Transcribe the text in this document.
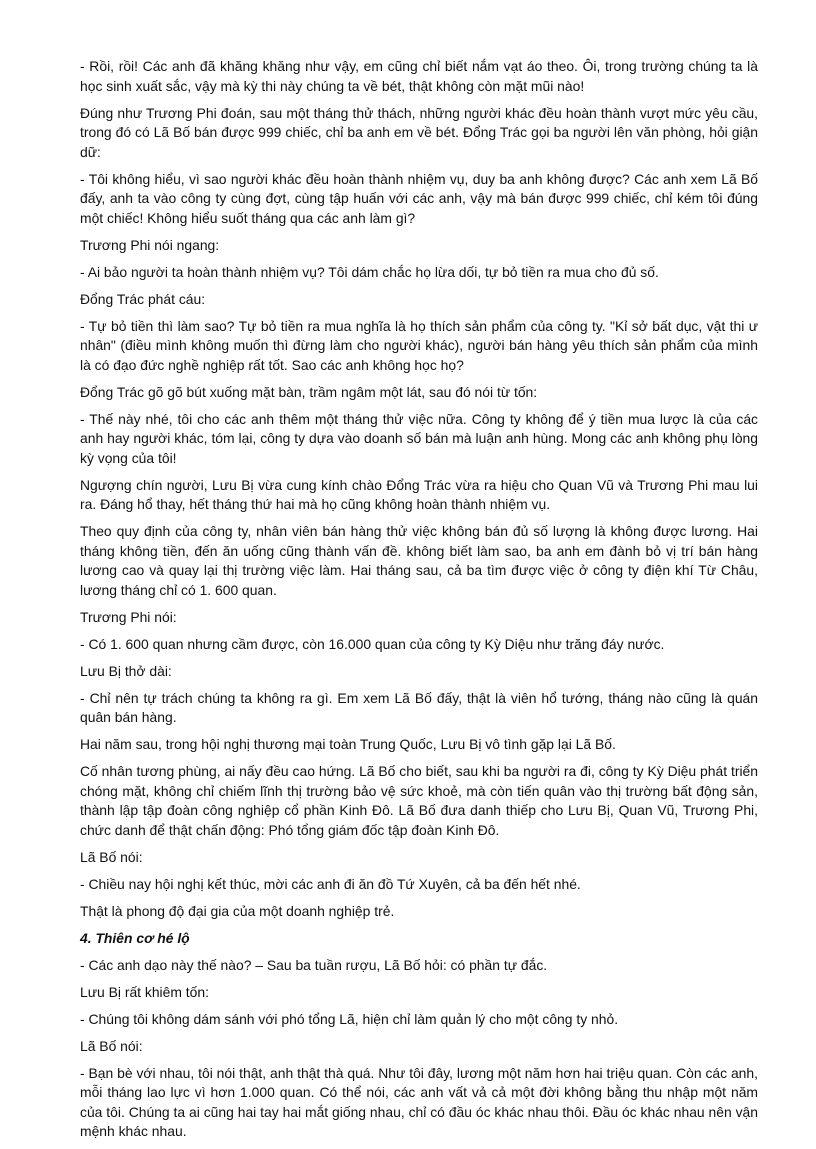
- Rồi, rồi! Các anh đã khăng khăng như vậy, em cũng chỉ biết nắm vạt áo theo. Ôi, trong trường chúng ta là học sinh xuất sắc, vậy mà kỳ thi này chúng ta về bét, thật không còn mặt mũi nào!

Đúng như Trương Phi đoán, sau một tháng thử thách, những người khác đều hoàn thành vượt mức yêu cầu, trong đó có Lã Bố bán được 999 chiếc, chỉ ba anh em về bét. Đổng Trác gọi ba người lên văn phòng, hỏi giận dữ:

- Tôi không hiểu, vì sao người khác đều hoàn thành nhiệm vụ, duy ba anh không được? Các anh xem Lã Bố đấy, anh ta vào công ty cùng đợt, cùng tập huấn với các anh, vậy mà bán được 999 chiếc, chỉ kém tôi đúng một chiếc! Không hiểu suốt tháng qua các anh làm gì?

Trương Phi nói ngang:

- Ai bảo người ta hoàn thành nhiệm vụ? Tôi dám chắc họ lừa dối, tự bỏ tiền ra mua cho đủ số.

Đổng Trác phát cáu:

- Tự bỏ tiền thì làm sao? Tự bỏ tiền ra mua nghĩa là họ thích sản phẩm của công ty. "Kỉ sở bất dục, vật thi ư nhân" (điều mình không muốn thì đừng làm cho người khác), người bán hàng yêu thích sản phẩm của mình là có đạo đức nghề nghiệp rất tốt. Sao các anh không học họ?

Đổng Trác gõ gõ bút xuống mặt bàn, trầm ngâm một lát, sau đó nói từ tốn:

- Thế này nhé, tôi cho các anh thêm một tháng thử việc nữa. Công ty không để ý tiền mua lược là của các anh hay người khác, tóm lại, công ty dựa vào doanh số bán mà luận anh hùng. Mong các anh không phụ lòng kỳ vọng của tôi!

Ngượng chín người, Lưu Bị vừa cung kính chào Đổng Trác vừa ra hiệu cho Quan Vũ và Trương Phi mau lui ra. Đáng hổ thay, hết tháng thứ hai mà họ cũng không hoàn thành nhiệm vụ.

Theo quy định của công ty, nhân viên bán hàng thử việc không bán đủ số lượng là không được lương. Hai tháng không tiền, đến ăn uống cũng thành vấn đề. không biết làm sao, ba anh em đành bỏ vị trí bán hàng lương cao và quay lại thị trường việc làm. Hai tháng sau, cả ba tìm được việc ở công ty điện khí Từ Châu, lương tháng chỉ có 1. 600 quan.

Trương Phi nói:

- Có 1. 600 quan nhưng cầm được, còn 16.000 quan của công ty Kỳ Diệu như trăng đáy nước.

Lưu Bị thở dài:

- Chỉ nên tự trách chúng ta không ra gì. Em xem Lã Bố đấy, thật là viên hổ tướng, tháng nào cũng là quán quân bán hàng.

Hai năm sau, trong hội nghị thương mại toàn Trung Quốc, Lưu Bị vô tình gặp lại Lã Bố.

Cố nhân tương phùng, ai nấy đều cao hứng. Lã Bố cho biết, sau khi ba người ra đi, công ty Kỳ Diệu phát triển chóng mặt, không chỉ chiếm lĩnh thị trường bảo vệ sức khoẻ, mà còn tiến quân vào thị trường bất động sản, thành lập tập đoàn công nghiệp cổ phần Kinh Đô. Lã Bố đưa danh thiếp cho Lưu Bị, Quan Vũ, Trương Phi, chức danh để thật chấn động: Phó tổng giám đốc tập đoàn Kinh Đô.

Lã Bố nói:

- Chiều nay hội nghị kết thúc, mời các anh đi ăn đồ Tứ Xuyên, cả ba đến hết nhé.

Thật là phong độ đại gia của một doanh nghiệp trẻ.

4. Thiên cơ hé lộ

- Các anh dạo này thế nào? – Sau ba tuần rượu, Lã Bố hỏi: có phần tự đắc.

Lưu Bị rất khiêm tốn:

- Chúng tôi không dám sánh với phó tổng Lã, hiện chỉ làm quản lý cho một công ty nhỏ.

Lã Bố nói:

- Bạn bè với nhau, tôi nói thật, anh thật thà quá. Như tôi đây, lương một năm hơn hai triệu quan. Còn các anh, mỗi tháng lao lực vì hơn 1.000 quan. Có thể nói, các anh vất vả cả một đời không bằng thu nhập một năm của tôi. Chúng ta ai cũng hai tay hai mắt giống nhau, chỉ có đầu óc khác nhau thôi. Đầu óc khác nhau nên vận mệnh khác nhau.
